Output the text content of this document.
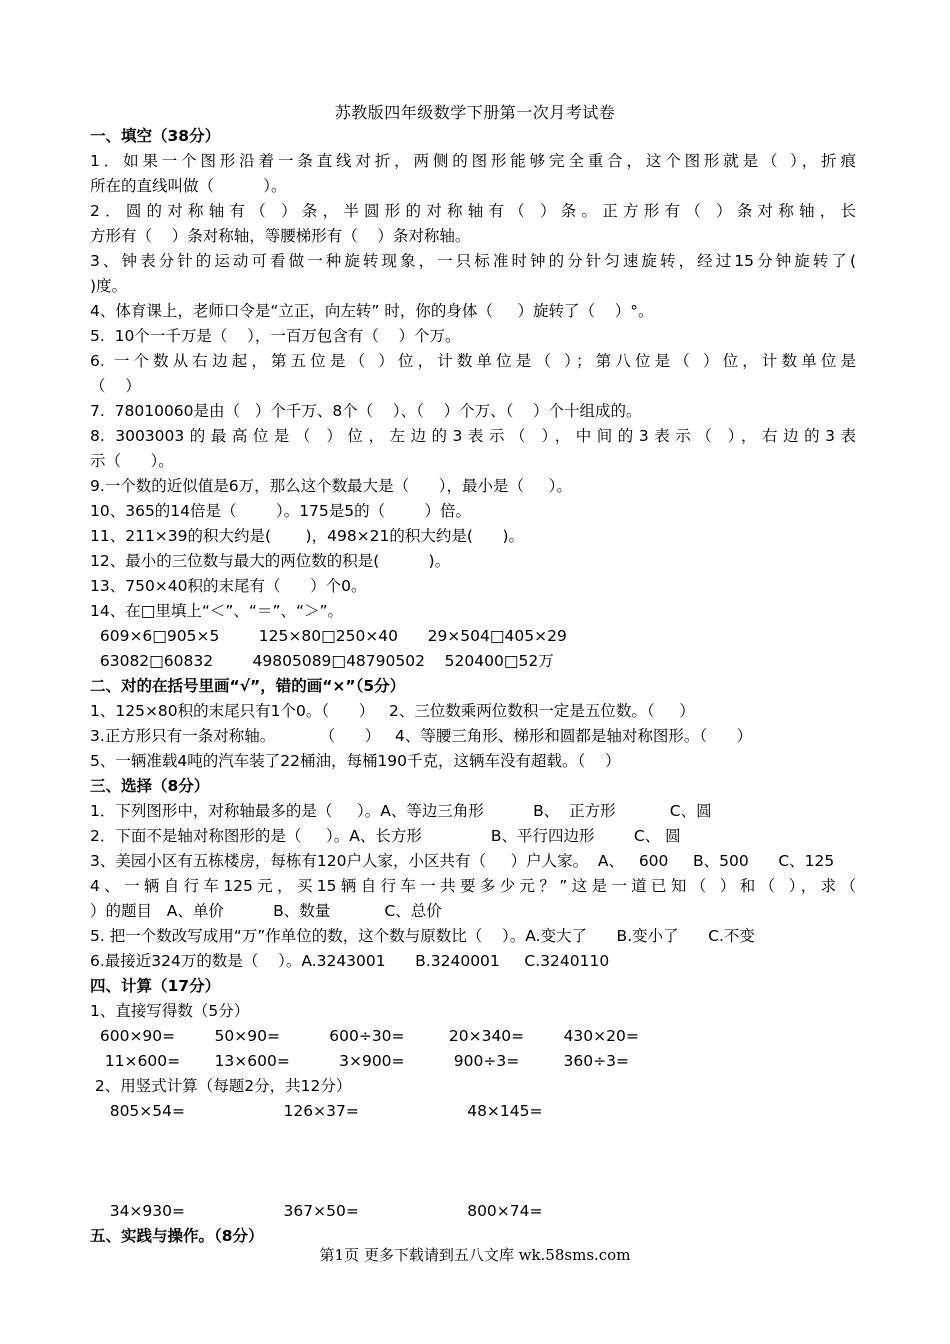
苏教版四年级数学下册第一次月考试卷
一、填空（38分）
1．如果一个图形沿着一条直线对折，两侧的图形能够完全重合，这个图形就是（ ），折痕
所在的直线叫做（          ）。
2．圆的对称轴有（ ）条，半圆形的对称轴有（ ）条。正方形有（ ）条对称轴，长
方形有（    ）条对称轴，等腰梯形有（    ）条对称轴。
3、钟表分针的运动可看做一种旋转现象，一只标准时钟的分针匀速旋转，经过15分钟旋转了(
)度。
4、体育课上，老师口令是“立正，向左转” 时，你的身体（     ）旋转了（    ）°。
5.  10个一千万是（    ），一百万包含有（    ）个万。
6. 一个数从右边起，第五位是（ ）位，计数单位是（ ）；第八位是（ ）位，计数单位是
（    ）
7.  78010060是由（   ）个千万、8个（    ）、（    ）个万、（    ）个十组成的。
8. 3003003的最高位是（ ）位，左边的3表示（ ），中间的3表示（ ），右边的3表
示（      ）。
9.一个数的近似值是6万，那么这个数最大是（      ），最小是（     ）。
10、365的14倍是（        ）。175是5的（        ）倍。
11、211×39的积大约是(       )，498×21的积大约是(      )。
12、最小的三位数与最大的两位数的积是(          )。
13、750×40积的末尾有（      ）个0。
14、在□里填上“＜”、“＝”、“＞”。
609×6□905×5        125×80□250×40      29×504□405×29
63082□60832        49805089□48790502    520400□52万
二、对的在括号里画“√”，错的画“×”（5分）
1、125×80积的末尾只有1个0。（      ）   2、三位数乘两位数积一定是五位数。（     ）
3.正方形只有一条对称轴。         （      ）   4、等腰三角形、梯形和圆都是轴对称图形。（      ）
5、一辆准载4吨的汽车装了22桶油，每桶190千克，这辆车没有超载。（    ）
三、选择（8分）
1．下列图形中，对称轴最多的是（     ）。A、等边三角形          B、  正方形           C、圆
2．下面不是轴对称图形的是（     ）。A、长方形              B、平行四边形        C、 圆
3、美园小区有五栋楼房，每栋有120户人家，小区共有（     ）户人家。  A、   600     B、500      C、125
4、一辆自行车125元，买15辆自行车一共要多少元？”这是一道已知（ ）和（ ），求（
）的题目   A、单价          B、数量           C、总价
5. 把一个数改写成用“万”作单位的数，这个数与原数比（    ）。A.变大了      B.变小了      C.不变
6.最接近324万的数是（    ）。A.3243001      B.3240001     C.3240110
四、计算（17分）
1、直接写得数（5分）
600×90=        50×90=          600÷30=         20×340=        430×20=
11×600=       13×600=          3×900=          900÷3=         360÷3=
2、用竖式计算（每题2分，共12分）
805×54=                    126×37=                      48×145=
34×930=                    367×50=                      800×74=
五、实践与操作。（8分）
第1页 更多下载请到五八文库 wk.58sms.com
